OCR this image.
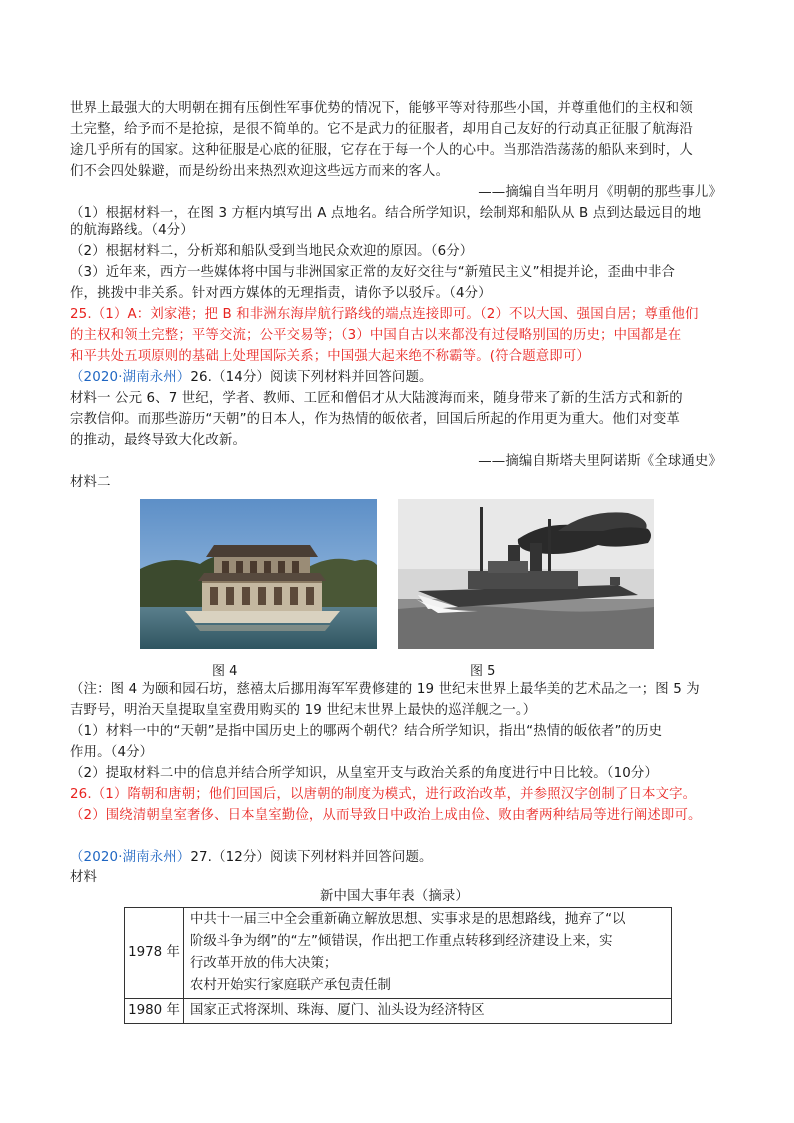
世界上最强大的大明朝在拥有压倒性军事优势的情况下，能够平等对待那些小国，并尊重他们的主权和领
土完整，给予而不是抢掠，是很不简单的。它不是武力的征服者，却用自己友好的行动真正征服了航海沿
途几乎所有的国家。这种征服是心底的征服，它存在于每一个人的心中。当那浩浩荡荡的船队来到时，人
们不会四处躲避，而是纷纷出来热烈欢迎这些远方而来的客人。
——摘编自当年明月《明朝的那些事儿》
（1）根据材料一，在图 3 方框内填写出 A 点地名。结合所学知识，绘制郑和船队从 B 点到达最远目的地
的航海路线。（4分）
（2）根据材料二，分析郑和船队受到当地民众欢迎的原因。（6分）
（3）近年来，西方一些媒体将中国与非洲国家正常的友好交往与“新殖民主义”相提并论，歪曲中非合
作，挑拨中非关系。针对西方媒体的无理指责，请你予以驳斥。（4分）
25.（1）A：刘家港；把 B 和非洲东海岸航行路线的端点连接即可。（2）不以大国、强国自居；尊重他们
的主权和领土完整；平等交流；公平交易等；（3）中国自古以来都没有过侵略别国的历史；中国都是在
和平共处五项原则的基础上处理国际关系；中国强大起来绝不称霸等。(符合题意即可）
（2020·湖南永州）26.（14分）阅读下列材料并回答问题。
材料一 公元 6、7 世纪，学者、教师、工匠和僧侣才从大陆渡海而来，随身带来了新的生活方式和新的
宗教信仰。而那些游历“天朝”的日本人，作为热情的皈依者，回国后所起的作用更为重大。他们对变革
的推动，最终导致大化改新。
——摘编自斯塔夫里阿诺斯《全球通史》
材料二
图 4	图 5
（注：图 4 为颐和园石坊，慈禧太后挪用海军军费修建的 19 世纪末世界上最华美的艺术品之一；图 5 为
吉野号，明治天皇提取皇室费用购买的 19 世纪末世界上最快的巡洋舰之一。）
（1）材料一中的“天朝”是指中国历史上的哪两个朝代？结合所学知识，指出“热情的皈依者”的历史
作用。（4分）
（2）提取材料二中的信息并结合所学知识，从皇室开支与政治关系的角度进行中日比较。（10分）
26.（1）隋朝和唐朝；他们回国后，以唐朝的制度为模式，进行政治改革，并参照汉字创制了日本文字。
（2）围绕清朝皇室奢侈、日本皇室勤俭，从而导致日中政治上成由俭、败由奢两种结局等进行阐述即可。
（2020·湖南永州）27.（12分）阅读下列材料并回答问题。
材料
新中国大事年表（摘录）
1978 年	中共十一届三中全会重新确立解放思想、实事求是的思想路线，抛弃了“以
阶级斗争为纲”的“左”倾错误，作出把工作重点转移到经济建设上来，实
行改革开放的伟大决策；
农村开始实行家庭联产承包责任制

1980 年	国家正式将深圳、珠海、厦门、汕头设为经济特区
